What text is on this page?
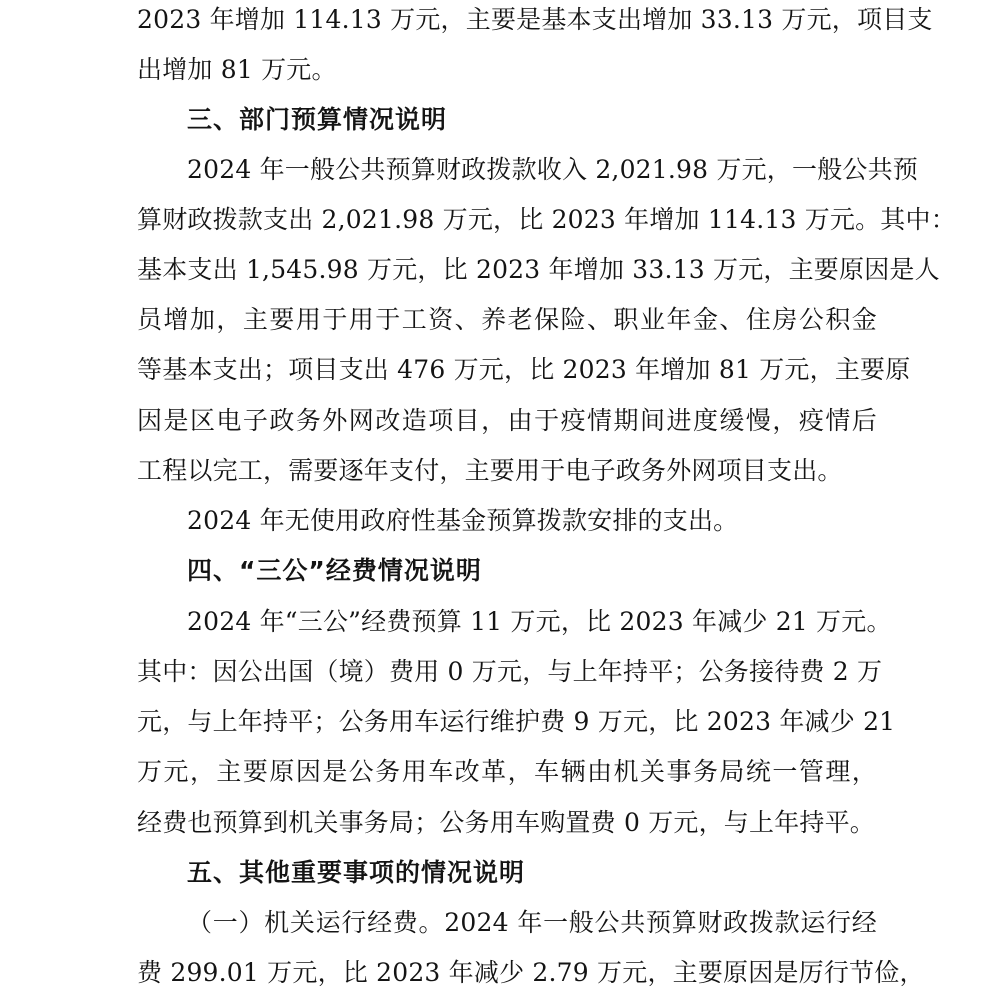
2023 年增加 114.13 万元，主要是基本支出增加 33.13 万元，项目支
出增加 81 万元。
三、部门预算情况说明
2024 年一般公共预算财政拨款收入 2,021.98 万元，一般公共预
算财政拨款支出 2,021.98 万元，比 2023 年增加 114.13 万元。其中：
基本支出 1,545.98 万元，比 2023 年增加 33.13 万元，主要原因是人
员增加，主要用于用于工资、养老保险、职业年金、住房公积金
等基本支出；项目支出 476 万元，比 2023 年增加 81 万元，主要原
因是区电子政务外网改造项目，由于疫情期间进度缓慢，疫情后
工程以完工，需要逐年支付，主要用于电子政务外网项目支出。
2024 年无使用政府性基金预算拨款安排的支出。
四、“三公”经费情况说明
2024 年“三公”经费预算 11 万元，比 2023 年减少 21 万元。
其中：因公出国（境）费用 0 万元，与上年持平；公务接待费 2 万
元，与上年持平；公务用车运行维护费 9 万元，比 2023 年减少 21
万元，主要原因是公务用车改革，车辆由机关事务局统一管理，
经费也预算到机关事务局；公务用车购置费 0 万元，与上年持平。
五、其他重要事项的情况说明
（一）机关运行经费。2024 年一般公共预算财政拨款运行经
费 299.01 万元，比 2023 年减少 2.79 万元，主要原因是厉行节俭，
